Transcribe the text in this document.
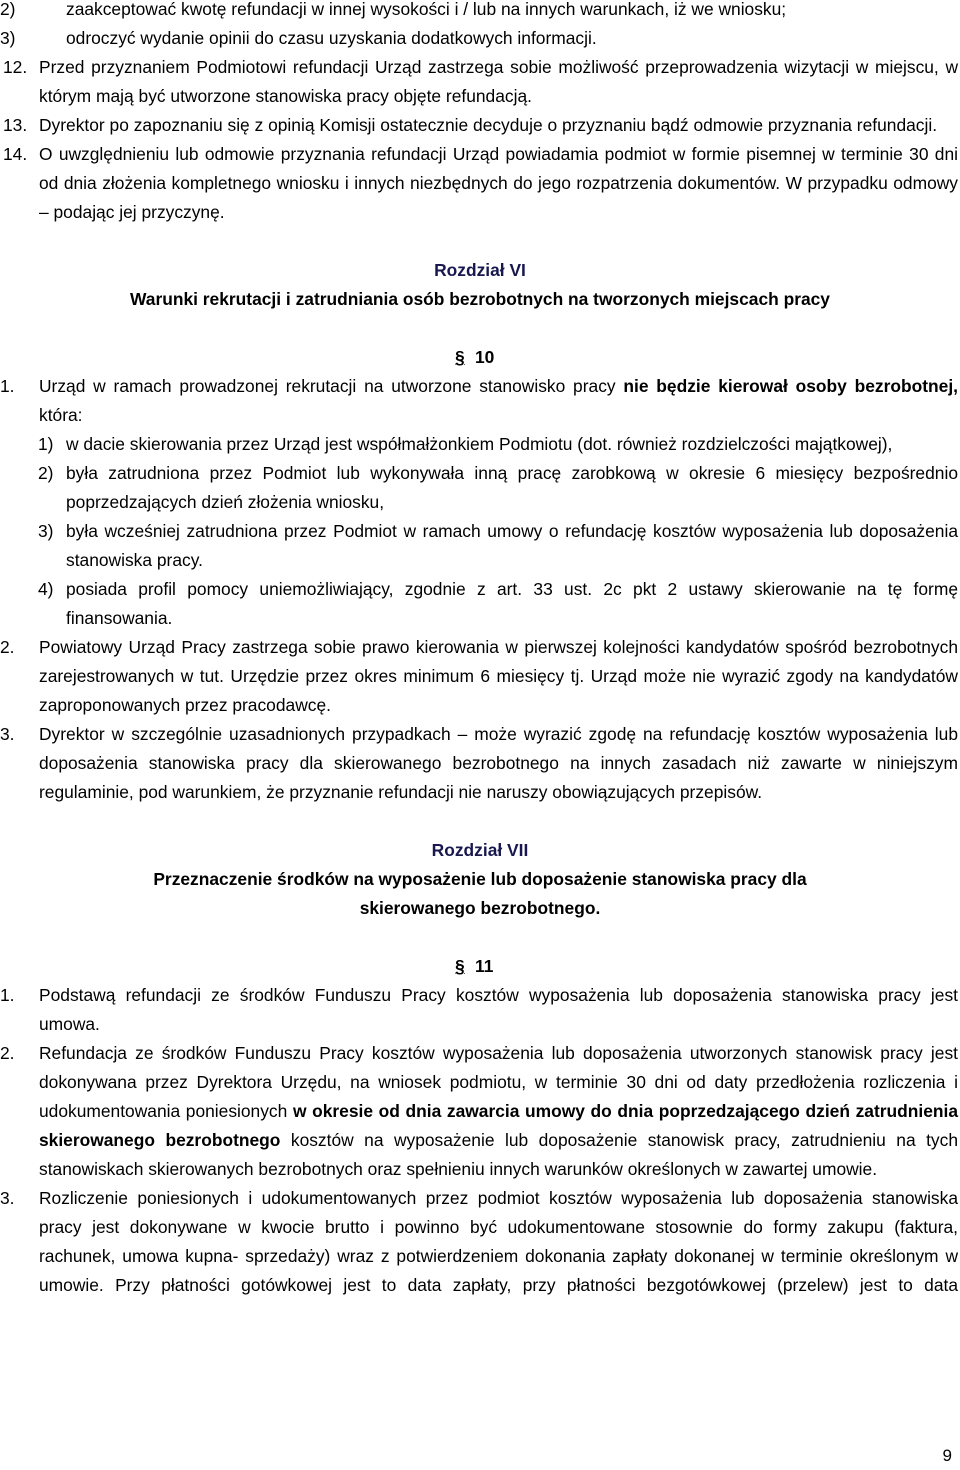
2)	zaakceptować kwotę refundacji w innej wysokości i / lub na innych warunkach, iż we wniosku;
3)	odroczyć wydanie opinii do czasu uzyskania dodatkowych informacji.
12. Przed przyznaniem Podmiotowi refundacji Urząd zastrzega sobie możliwość przeprowadzenia wizytacji w miejscu, w którym mają być utworzone stanowiska pracy objęte refundacją.
13. Dyrektor po zapoznaniu się z opinią Komisji ostatecznie decyduje o przyznaniu bądź odmowie przyznania refundacji.
14. O uwzględnieniu lub odmowie przyznania refundacji Urząd powiadamia podmiot w formie pisemnej w terminie 30 dni od dnia złożenia kompletnego wniosku i innych niezbędnych do jego rozpatrzenia dokumentów. W przypadku odmowy – podając jej przyczynę.

Rozdział VI

Warunki rekrutacji i zatrudniania osób bezrobotnych na tworzonych miejscach pracy

§ 10
1. Urząd w ramach prowadzonej rekrutacji na utworzone stanowisko pracy nie będzie kierował osoby bezrobotnej, która:
1) w dacie skierowania przez Urząd jest współmałżonkiem Podmiotu (dot. również rozdzielczości majątkowej),
2) była zatrudniona przez Podmiot lub wykonywała inną pracę zarobkową w okresie 6 miesięcy bezpośrednio poprzedzających dzień złożenia wniosku,
3) była wcześniej zatrudniona przez Podmiot w ramach umowy o refundację kosztów wyposażenia lub doposażenia stanowiska pracy.
4) posiada profil pomocy uniemożliwiający, zgodnie z art. 33 ust. 2c pkt 2 ustawy skierowanie na tę formę finansowania.
2. Powiatowy Urząd Pracy zastrzega sobie prawo kierowania w pierwszej kolejności kandydatów spośród bezrobotnych zarejestrowanych w tut. Urzędzie przez okres minimum 6 miesięcy tj. Urząd może nie wyrazić zgody na kandydatów zaproponowanych przez pracodawcę.
3. Dyrektor w szczególnie uzasadnionych przypadkach – może wyrazić zgodę na refundację kosztów wyposażenia lub doposażenia stanowiska pracy dla skierowanego bezrobotnego na innych zasadach niż zawarte w niniejszym regulaminie, pod warunkiem, że przyznanie refundacji nie naruszy obowiązujących przepisów.

Rozdział VII

Przeznaczenie środków na wyposażenie lub doposażenie stanowiska pracy dla

skierowanego bezrobotnego.

§ 11
1. Podstawą refundacji ze środków Funduszu Pracy kosztów wyposażenia lub doposażenia stanowiska pracy jest umowa.
2. Refundacja ze środków Funduszu Pracy kosztów wyposażenia lub doposażenia utworzonych stanowisk pracy jest dokonywana przez Dyrektora Urzędu, na wniosek podmiotu, w terminie 30 dni od daty przedłożenia rozliczenia i udokumentowania poniesionych w okresie od dnia zawarcia umowy do dnia poprzedzającego dzień zatrudnienia skierowanego bezrobotnego kosztów na wyposażenie lub doposażenie stanowisk pracy, zatrudnieniu na tych stanowiskach skierowanych bezrobotnych oraz spełnieniu innych warunków określonych w zawartej umowie.
3. Rozliczenie poniesionych i udokumentowanych przez podmiot kosztów wyposażenia lub doposażenia stanowiska pracy jest dokonywane w kwocie brutto i powinno być udokumentowane stosownie do formy zakupu (faktura, rachunek, umowa kupna- sprzedaży) wraz z potwierdzeniem dokonania zapłaty dokonanej w terminie określonym w umowie. Przy płatności gotówkowej jest to data zapłaty, przy płatności bezgotówkowej (przelew) jest to data
9
